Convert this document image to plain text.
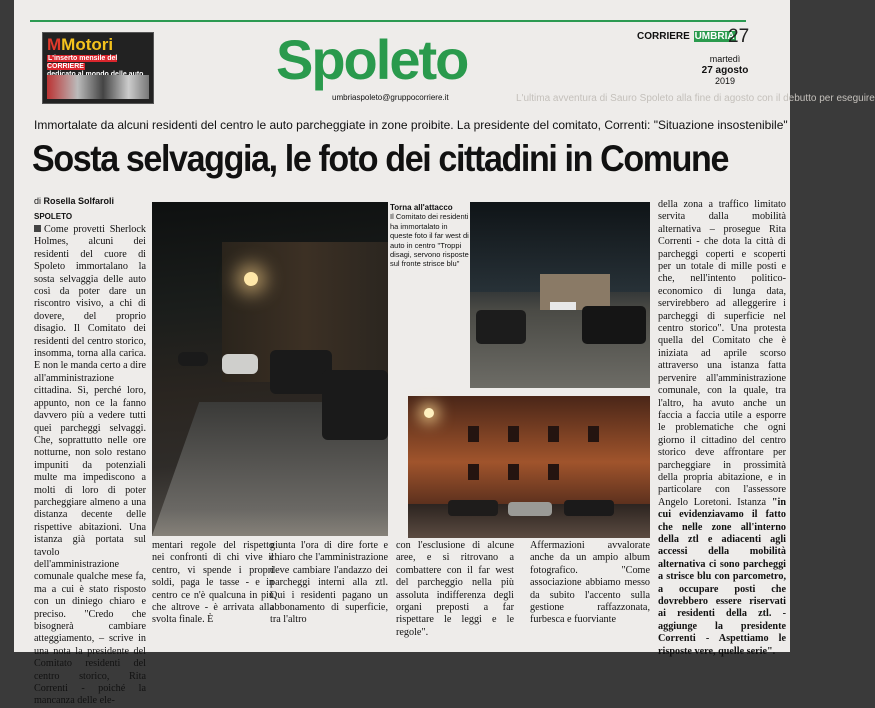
MMotori
L'inserto mensile del CORRIERE	Spoleto
umbriaspoleto@gruppocorriere.it
CORRIERE UMBRIA
27
martedì
27 agosto
2019
L'ultima avventura di Sauro Spoleto alla fine di agosto con il debutto per eseguire
Immortalate da alcuni residenti del centro le auto parcheggiate in zone proibite. La presidente del comitato, Correnti: "Situazione insostenibile"
Sosta selvaggia, le foto dei cittadini in Comune
di Rosella Solfaroli
SPOLETO
Come provetti Sherlock Holmes, alcuni dei residenti del cuore di Spoleto immortalano la sosta selvaggia delle auto così da poter dare un riscontro visivo, a chi di dovere, del proprio disagio. Il Comitato dei residenti del centro storico, insomma, torna alla carica. E non le manda certo a dire all'amministrazione cittadina. Sì, perché loro, appunto, non ce la fanno davvero più a vedere tutti quei parcheggi selvaggi. Che, soprattutto nelle ore notturne, non solo restano impuniti da potenziali multe ma impediscono a molti di loro di poter parcheggiare almeno a una distanza decente delle rispettive abitazioni. Una istanza già portata sul tavolo dell'amministrazione comunale qualche mese fa, ma a cui è stato risposto con un diniego chiaro e preciso. "Credo che bisognerà cambiare atteggiamento, – scrive in una nota la presidente del Comitato residenti del centro storico, Rita Correnti - poiché la mancanza delle ele-
Torna all'attacco
Il Comitato dei residenti ha immortalato in queste foto il far west di auto in centro "Troppi disagi, servono risposte sul fronte strisce blu"
mentari regole del rispetto nei confronti di chi vive il centro, vi spende i propri soldi, paga le tasse - e in centro ce n'è qualcuna in più che altrove - è arrivata alla svolta finale. È
giunta l'ora di dire forte e chiaro che l'amministrazione deve cambiare l'andazzo dei parcheggi interni alla ztl. Qui i residenti pagano un abbonamento di superficie, tra l'altro
con l'esclusione di alcune aree, e si ritrovano a combattere con il far west del parcheggio nella più assoluta indifferenza degli organi preposti a far rispettare le leggi e le regole".
Affermazioni avvalorate anche da un ampio album fotografico. "Come associazione abbiamo messo da subito l'accento sulla gestione raffazzonata, furbesca e fuorviante
della zona a traffico limitato servita dalla mobilità alternativa – prosegue Rita Correnti - che dota la città di parcheggi coperti e scoperti per un totale di mille posti e che, nell'intento politico-economico di lunga data, servirebbero ad alleggerire i parcheggi di superficie nel centro storico". Una protesta quella del Comitato che è iniziata ad aprile scorso attraverso una istanza fatta pervenire all'amministrazione comunale, con la quale, tra l'altro, ha avuto anche un faccia a faccia utile a esporre le problematiche che ogni giorno il cittadino del centro storico deve affrontare per parcheggiare in prossimità della propria abitazione, e in particolare con l'assessore Angelo Loretoni. Istanza "in cui evidenziavamo il fatto che nelle zone all'interno della ztl e adiacenti agli accessi della mobilità alternativa ci sono parcheggi a strisce blu con parcometro, a occupare posti che dovrebbero essere riservati ai residenti della ztl. - aggiunge la presidente Correnti - Aspettiamo le risposte vere, quelle serie".
